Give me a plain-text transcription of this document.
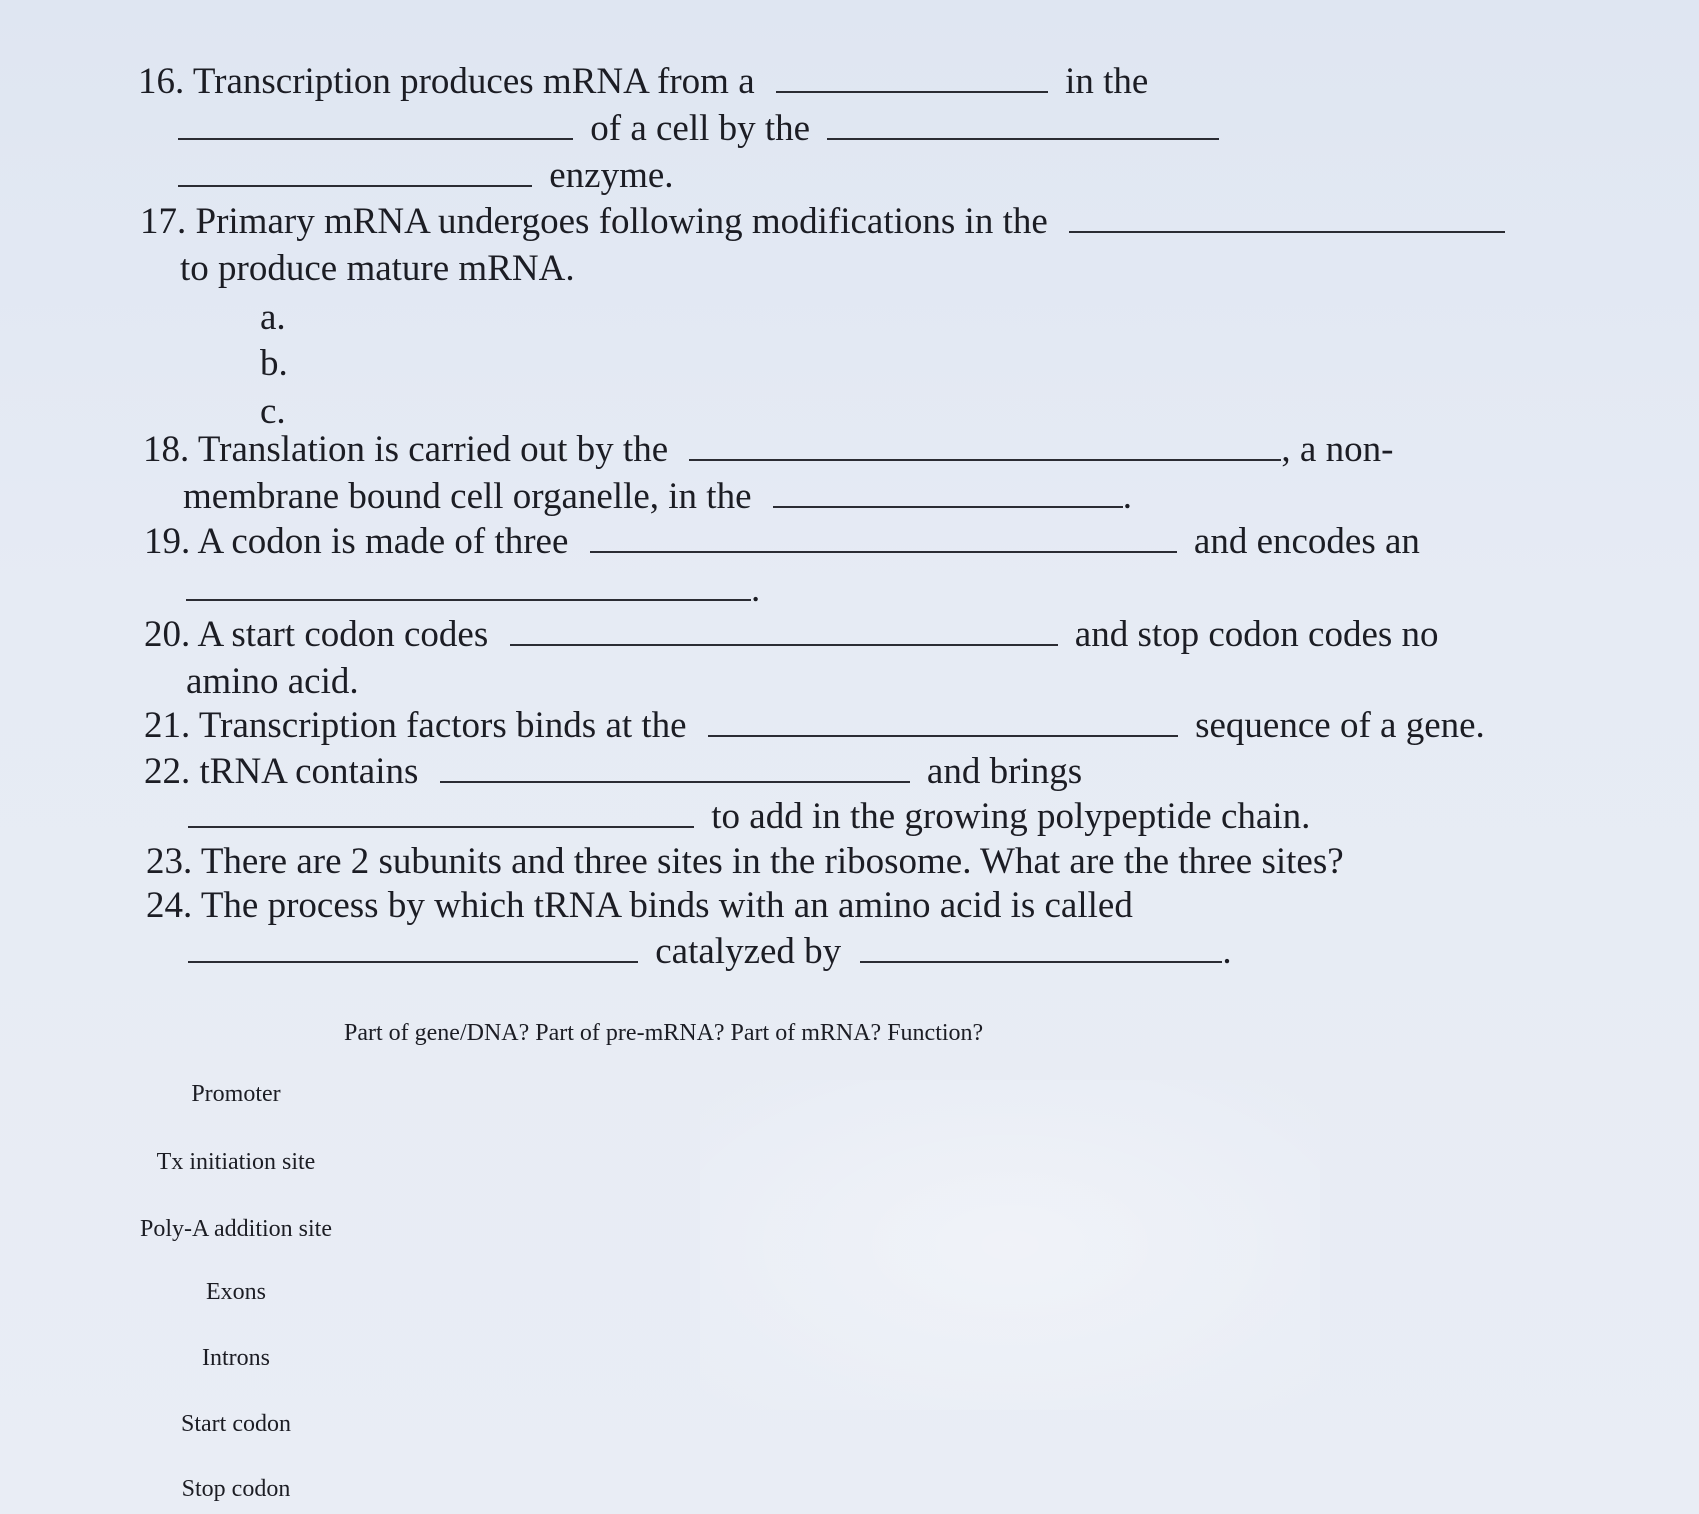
16. Transcription produces mRNA from a	in the
of a cell by the
enzyme.
17. Primary mRNA undergoes following modifications in the
to produce mature mRNA.
a.
b.
c.
18. Translation is carried out by the	, a non-
membrane bound cell organelle, in the	.
19. A codon is made of three	and encodes an
.
20. A start codon codes	and stop codon codes no
amino acid.
21. Transcription factors binds at the	sequence of a gene.
22. tRNA contains	and brings
to add in the growing polypeptide chain.
23. There are 2 subunits and three sites in the ribosome. What are the three sites?
24. The process by which tRNA binds with an amino acid is called
catalyzed by	.
Part of gene/DNA? Part of pre-mRNA? Part of mRNA? Function?
Promoter
Tx initiation site
Poly-A addition site
Exons
Introns
Start codon
Stop codon
